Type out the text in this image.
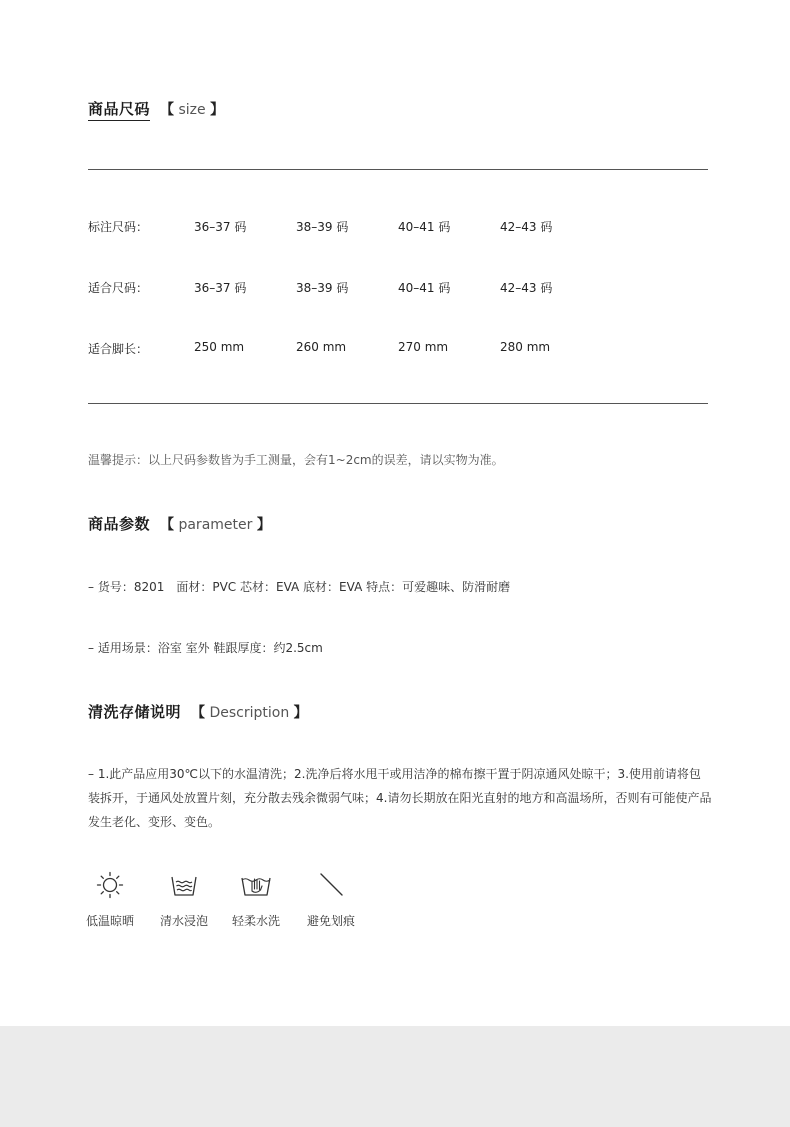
商品尺码 【 size 】
标注尺码：	36–37 码	38–39 码	40–41 码	42–43 码
适合尺码：	36–37 码	38–39 码	40–41 码	42–43 码
适合脚长：	250 mm	260 mm	270 mm	280 mm
温馨提示：以上尺码参数皆为手工测量，会有1~2cm的误差，请以实物为准。
商品参数 【 parameter 】
– 货号：8201　面材：PVC 芯材：EVA 底材：EVA 特点：可爱趣味、防滑耐磨
– 适用场景：浴室 室外 鞋跟厚度：约2.5cm
清洗存储说明 【 Description 】
– 1.此产品应用30℃以下的水温清洗；2.洗净后将水甩干或用洁净的棉布擦干置于阴凉通风处晾干；3.使用前请将包装拆开，于通风处放置片刻，充分散去残余微弱气味；4.请勿长期放在阳光直射的地方和高温场所，否则有可能使产品发生老化、变形、变色。
低温晾晒	清水浸泡	轻柔水洗	避免划痕
